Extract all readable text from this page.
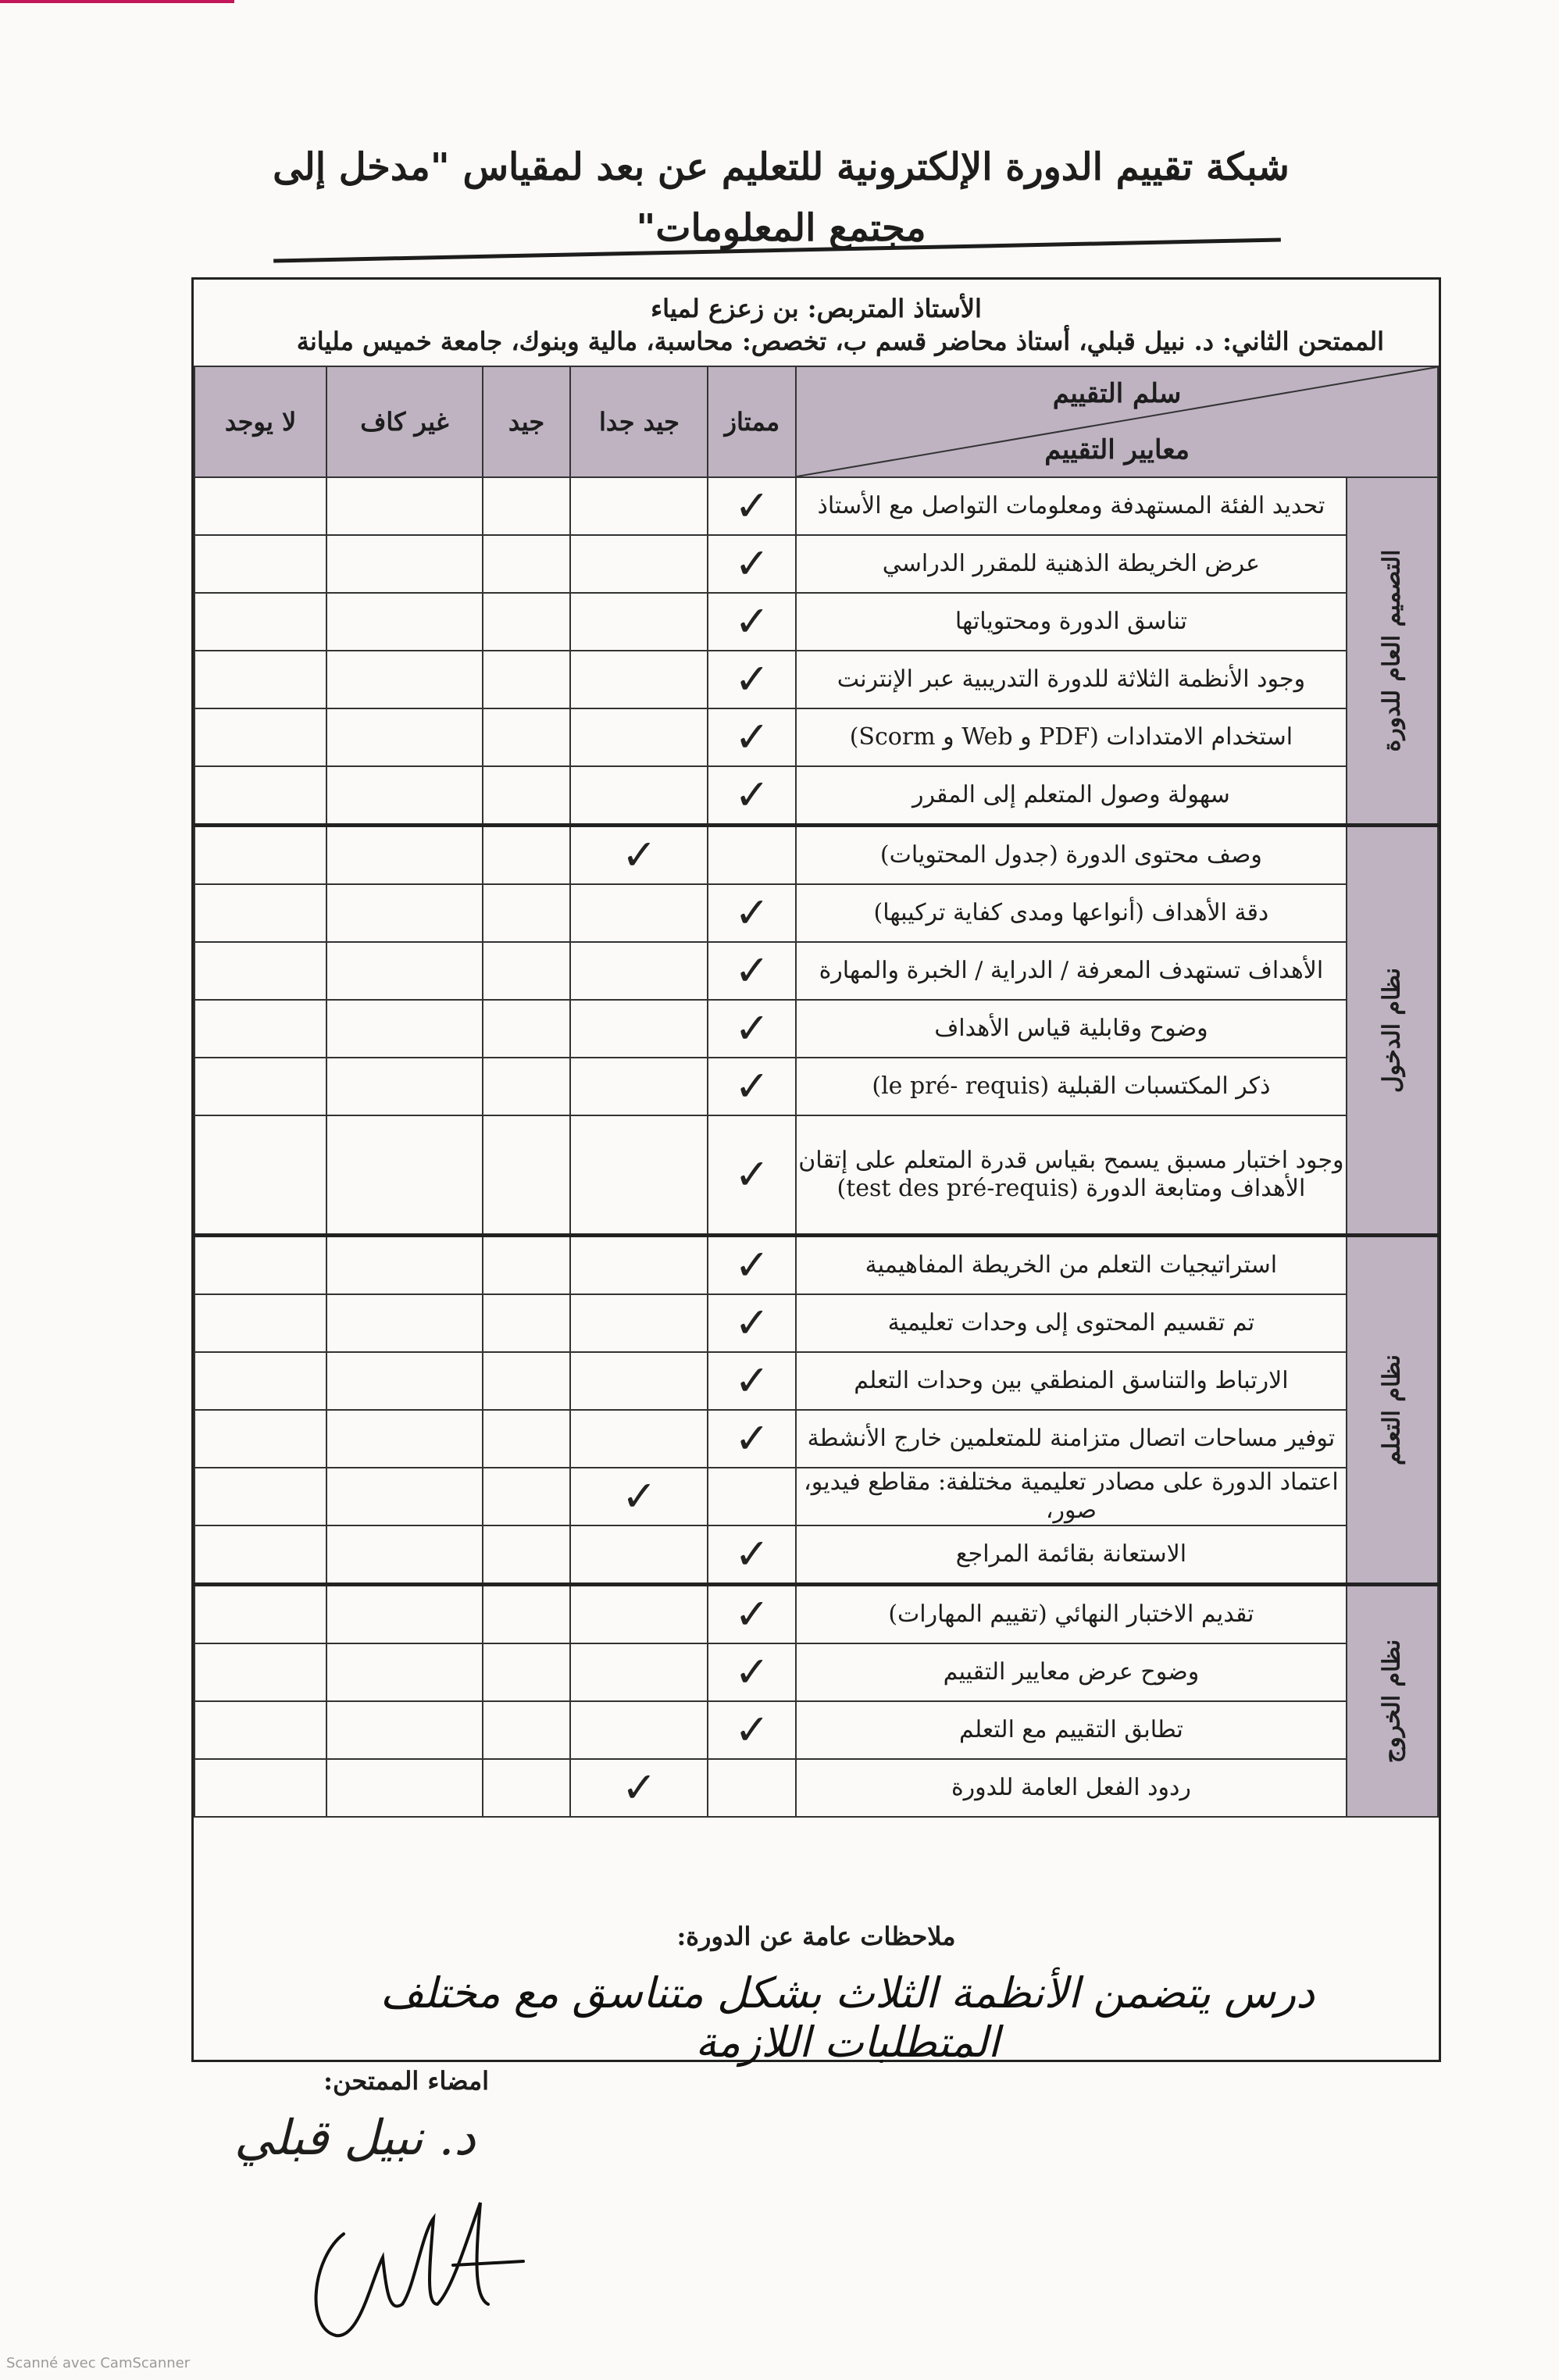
شبكة تقييم الدورة الإلكترونية للتعليم عن بعد لمقياس "مدخل إلى مجتمع المعلومات"
الأستاذ المتربص: بن زعزع لمياء
الممتحن الثاني: د. نبيل قبلي، أستاذ محاضر قسم ب، تخصص: محاسبة، مالية وبنوك، جامعة خميس مليانة
سلم التقييم
معايير التقييم		ممتاز	جيد جدا	جيد	غير كاف	لا يوجد

التصميم العام للدورة	تحديد الفئة المستهدفة ومعلومات التواصل مع الأستاذ	✓				
	عرض الخريطة الذهنية للمقرر الدراسي	✓				
	تناسق الدورة ومحتوياتها	✓				
	وجود الأنظمة الثلاثة للدورة التدريبية عبر الإنترنت	✓				
	استخدام الامتدادات (PDF و Web و Scorm)	✓				
	سهولة وصول المتعلم إلى المقرر	✓				

نظام الدخول	وصف محتوى الدورة (جدول المحتويات)		✓			
	دقة الأهداف (أنواعها ومدى كفاية تركيبها)	✓				
	الأهداف تستهدف المعرفة / الدراية / الخبرة والمهارة	✓				
	وضوح وقابلية قياس الأهداف	✓				
	ذكر المكتسبات القبلية (le pré- requis)	✓				
	وجود اختبار مسبق يسمح بقياس قدرة المتعلم على إتقان الأهداف ومتابعة الدورة (test des pré-requis)	✓				

نظام التعلم	استراتيجيات التعلم من الخريطة المفاهيمية	✓				
	تم تقسيم المحتوى إلى وحدات تعليمية	✓				
	الارتباط والتناسق المنطقي بين وحدات التعلم	✓				
	توفير مساحات اتصال متزامنة للمتعلمين خارج الأنشطة	✓				
	اعتماد الدورة على مصادر تعليمية مختلفة: مقاطع فيديو، صور،		✓			
	الاستعانة بقائمة المراجع	✓				

نظام الخروج	تقديم الاختبار النهائي (تقييم المهارات)	✓				
	وضوح عرض معايير التقييم	✓				
	تطابق التقييم مع التعلم	✓				
	ردود الفعل العامة للدورة		✓			
ملاحظات عامة عن الدورة:
درس يتضمن الأنظمة الثلاث بشكل متناسق مع مختلف المتطلبات اللازمة
امضاء الممتحن:
د. نبيل قبلي
Scanné avec CamScanner
